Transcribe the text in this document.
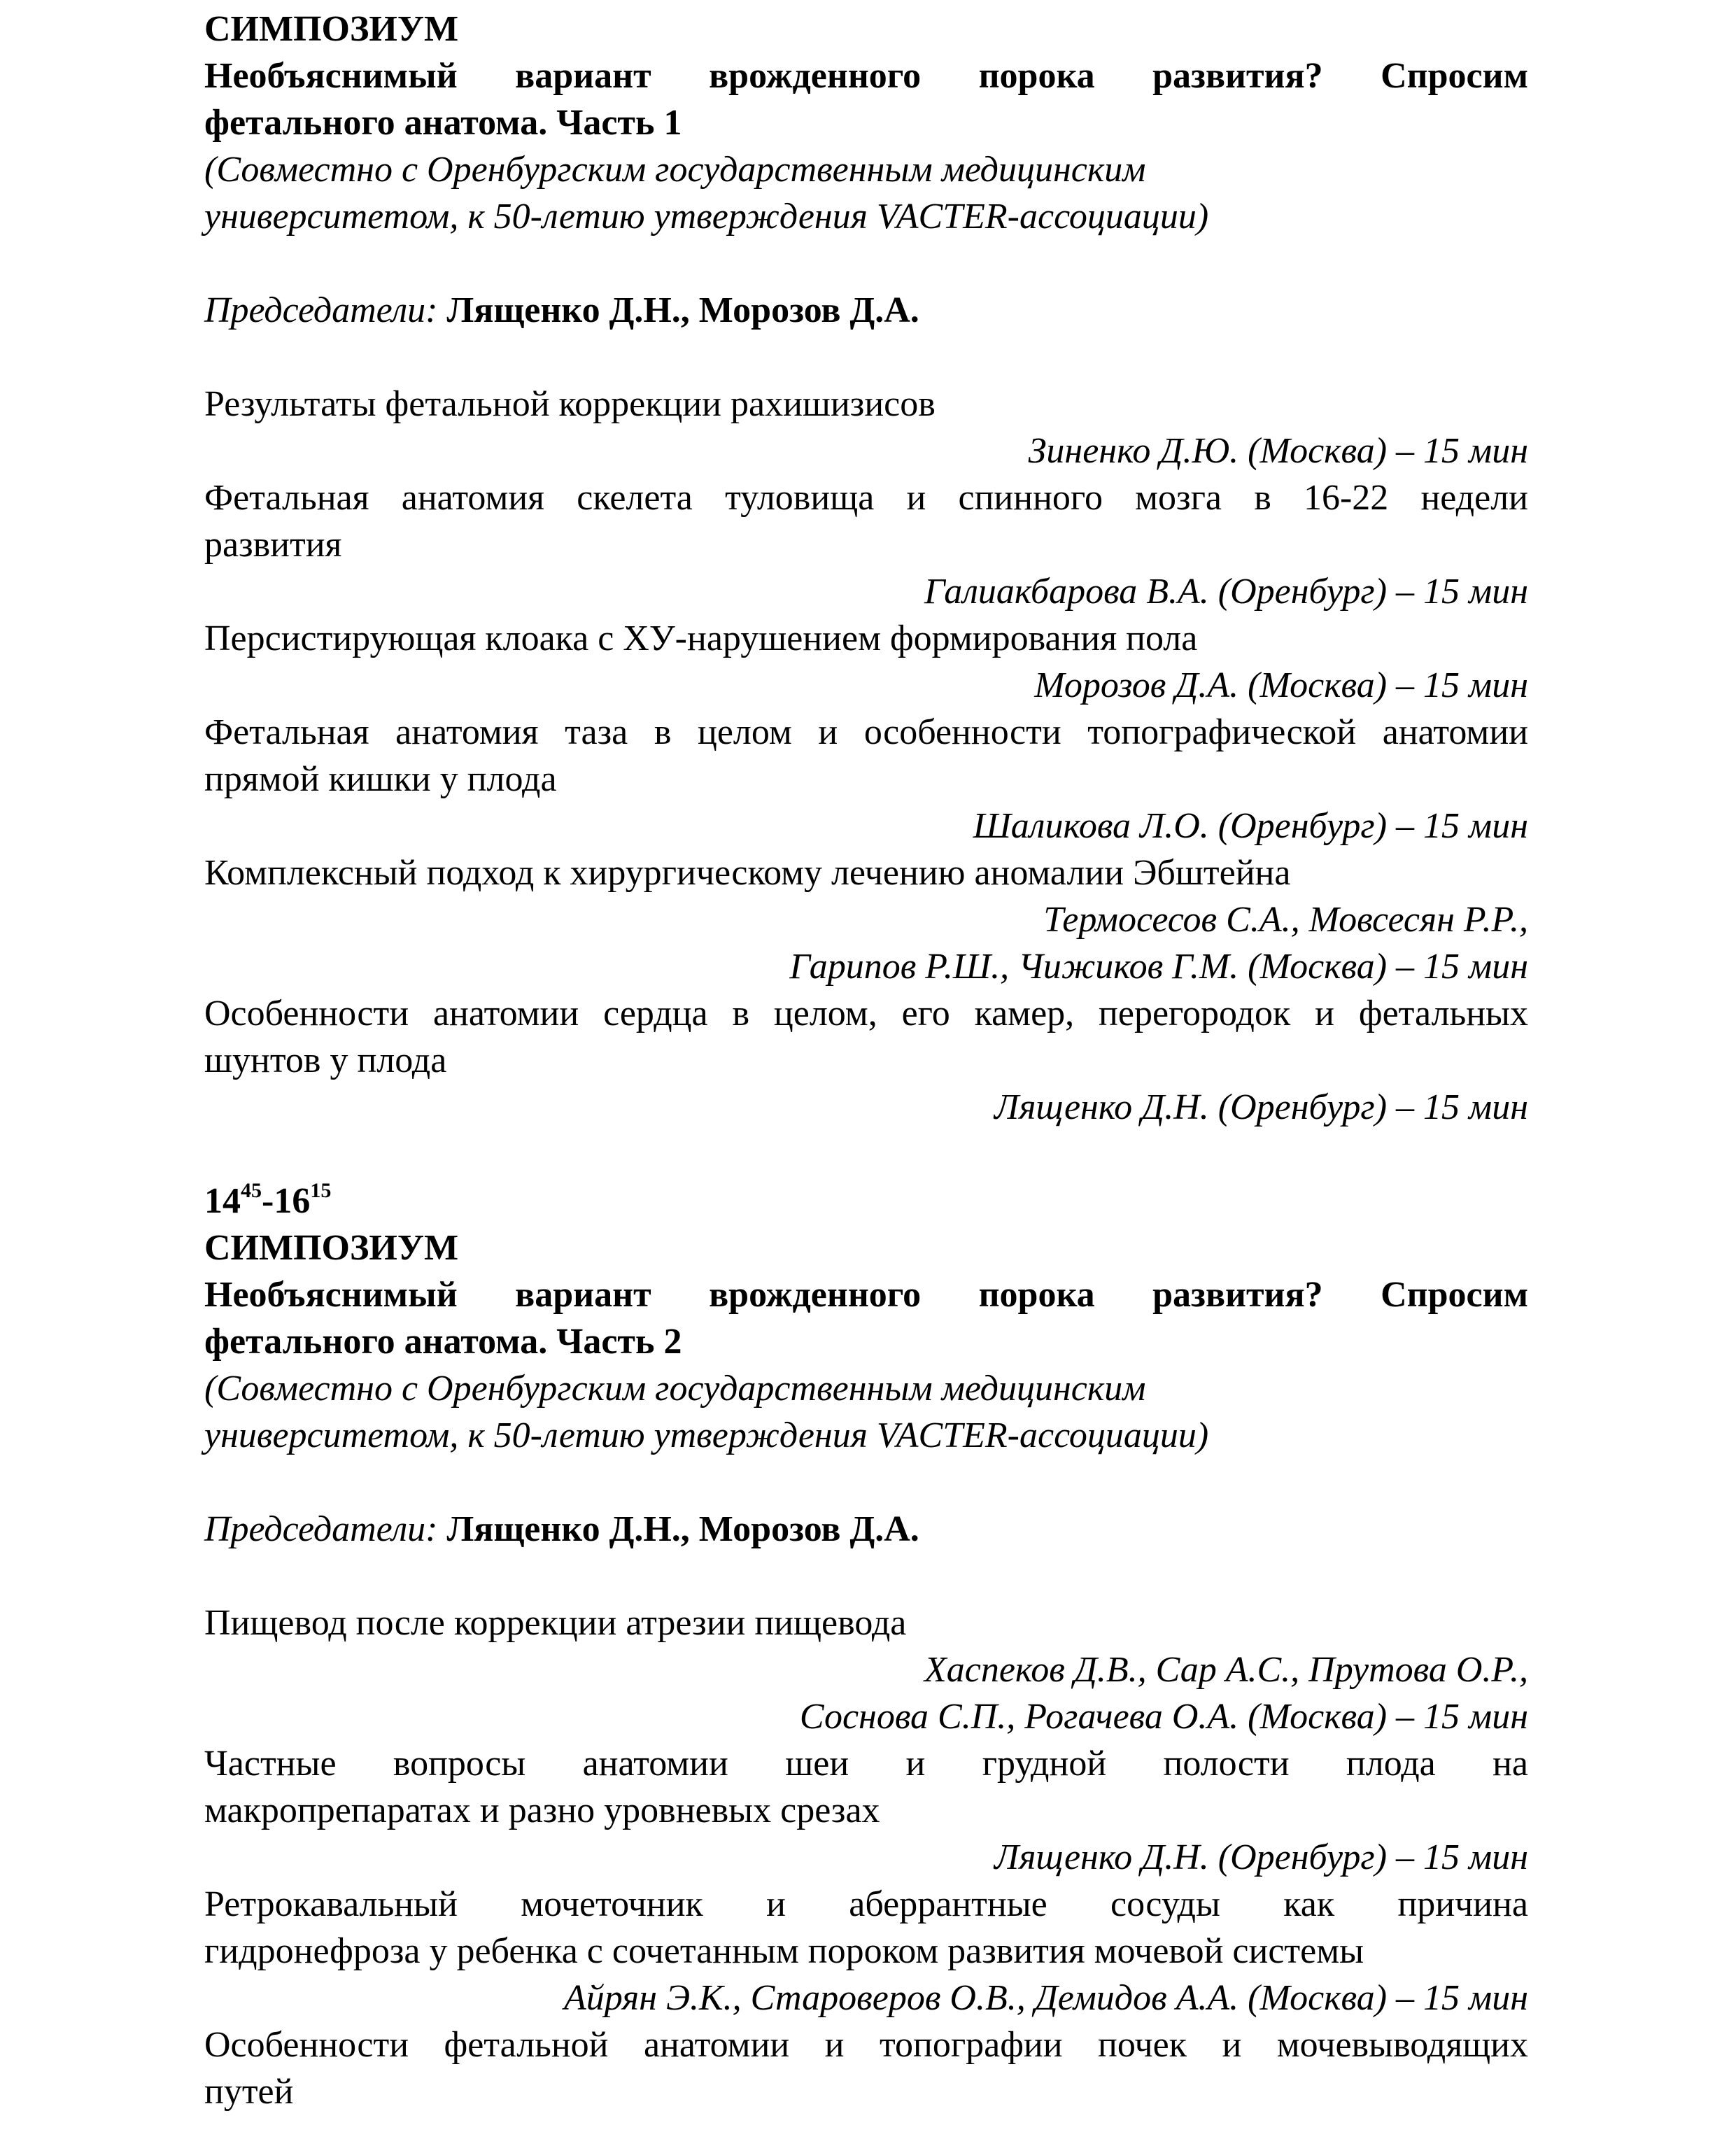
СИМПОЗИУМ
Необъяснимый вариант врожденного порока развития? Спросим
фетального анатома. Часть 1
(Совместно с Оренбургским государственным медицинским
университетом, к 50-летию утверждения VACTER-ассоциации)
Председатели: Лященко Д.Н., Морозов Д.А.
Результаты фетальной коррекции рахишизисов
Зиненко Д.Ю. (Москва) – 15 мин
Фетальная анатомия скелета туловища и спинного мозга в 16-22 недели
развития
Галиакбарова В.А. (Оренбург) – 15 мин
Персистирующая клоака с ХУ-нарушением формирования пола
Морозов Д.А. (Москва) – 15 мин
Фетальная анатомия таза в целом и особенности топографической анатомии
прямой кишки у плода
Шаликова Л.О. (Оренбург) – 15 мин
Комплексный подход к хирургическому лечению аномалии Эбштейна
Термосесов С.А., Мовсесян Р.Р.,
Гарипов Р.Ш., Чижиков Г.М. (Москва) – 15 мин
Особенности анатомии сердца в целом, его камер, перегородок и фетальных
шунтов у плода
Лященко Д.Н. (Оренбург) – 15 мин
$14^{45}-16^{15}$
СИМПОЗИУМ
Необъяснимый вариант врожденного порока развития? Спросим
фетального анатома. Часть 2
(Совместно с Оренбургским государственным медицинским
университетом, к 50-летию утверждения VACTER-ассоциации)
Председатели: Лященко Д.Н., Морозов Д.А.
Пищевод после коррекции атрезии пищевода
Хаспеков Д.В., Сар А.С., Прутова О.Р.,
Соснова С.П., Рогачева О.А. (Москва) – 15 мин
Частные вопросы анатомии шеи и грудной полости плода на
макропрепаратах и разно уровневых срезах
Лященко Д.Н. (Оренбург) – 15 мин
Ретрокавальный мочеточник и аберрантные сосуды как причина
гидронефроза у ребенка с сочетанным пороком развития мочевой системы
Айрян Э.К., Староверов О.В., Демидов А.А. (Москва) – 15 мин
Особенности фетальной анатомии и топографии почек и мочевыводящих
путей
